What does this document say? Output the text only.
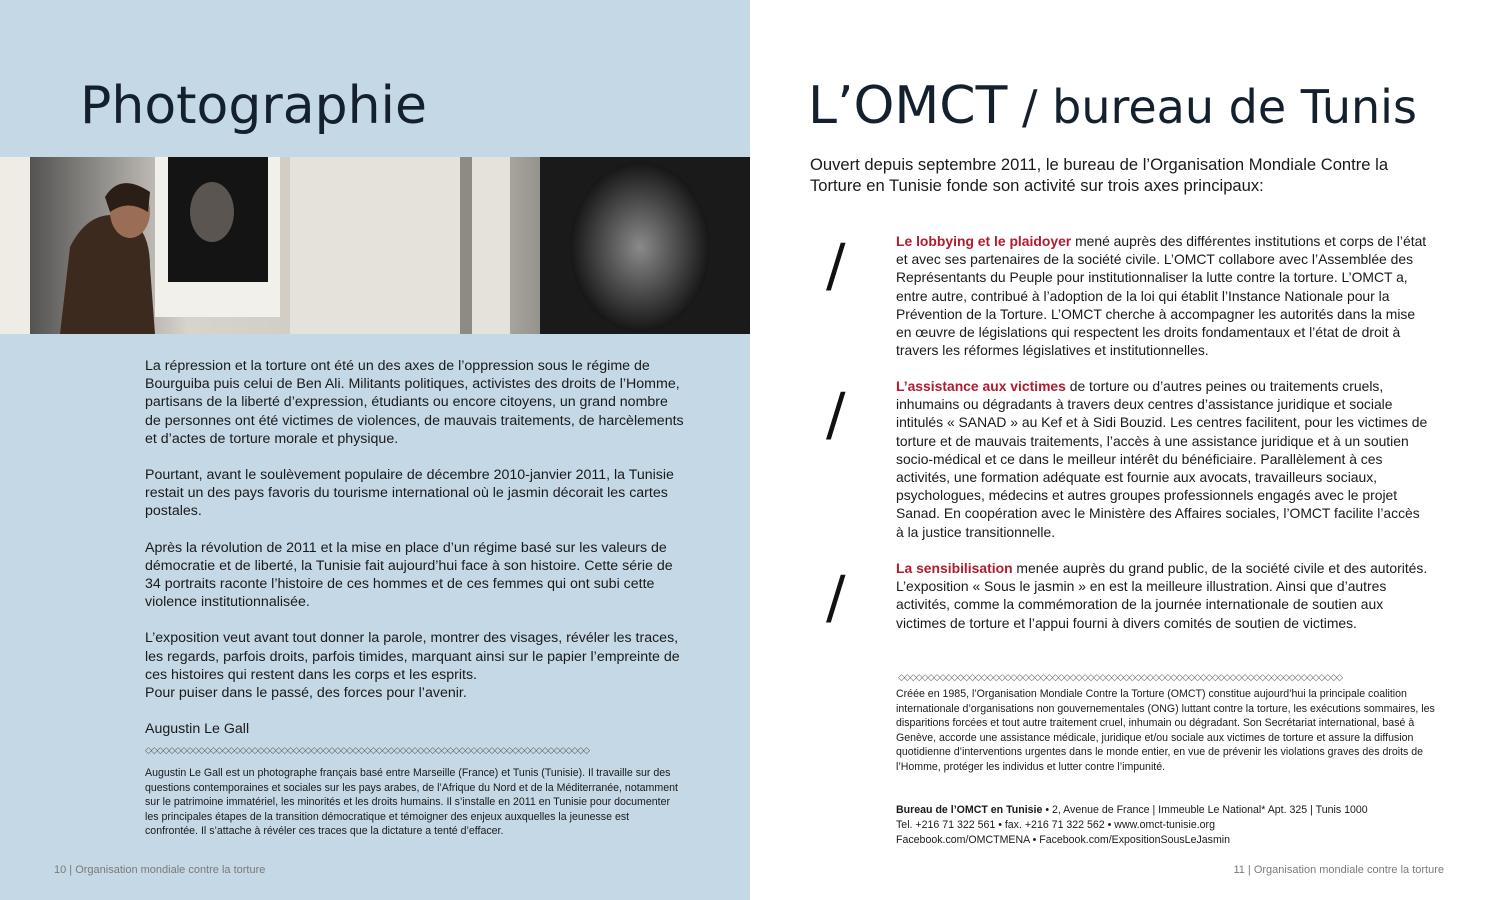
Photographie

La répression et la torture ont été un des axes de l’oppression sous le régime de Bourguiba puis celui de Ben Ali. Militants politiques, activistes des droits de l’Homme, partisans de la liberté d’expression, étudiants ou encore citoyens, un grand nombre de personnes ont été victimes de violences, de mauvais traitements, de harcèlements et d’actes de torture morale et physique.

Pourtant, avant le soulèvement populaire de décembre 2010-janvier 2011, la Tunisie restait un des pays favoris du tourisme international où le jasmin décorait les cartes postales.

Après la révolution de 2011 et la mise en place d’un régime basé sur les valeurs de démocratie et de liberté, la Tunisie fait aujourd’hui face à son histoire. Cette série de 34 portraits raconte l’histoire de ces hommes et de ces femmes qui ont subi cette violence institutionnalisée.

L’exposition veut avant tout donner la parole, montrer des visages, révéler les traces, les regards, parfois droits, parfois timides, marquant ainsi sur le papier l’empreinte de ces histoires qui restent dans les corps et les esprits.

Pour puiser dans le passé, des forces pour l’avenir.

Augustin Le Gall

◇◇◇◇◇◇◇◇◇◇◇◇◇◇◇◇◇◇◇◇◇◇◇◇◇◇◇◇◇◇◇◇◇◇◇◇◇◇◇◇◇◇◇◇◇◇◇◇◇◇◇◇◇◇◇◇◇◇◇◇◇◇◇◇◇◇◇◇◇◇◇◇◇◇◇
Augustin Le Gall est un photographe français basé entre Marseille (France) et Tunis (Tunisie). Il travaille sur des questions contemporaines et sociales sur les pays arabes, de l’Afrique du Nord et de la Méditerranée, notamment sur le patrimoine immatériel, les minorités et les droits humains. Il s’installe en 2011 en Tunisie pour documenter les principales étapes de la transition démocratique et témoigner des enjeux auxquelles la jeunesse est confrontée. Il s’attache à révéler ces traces que la dictature a tenté d’effacer.
10 | Organisation mondiale contre la torture
L’OMCT / bureau de Tunis

Ouvert depuis septembre 2011, le bureau de l’Organisation Mondiale Contre la Torture en Tunisie fonde son activité sur trois axes principaux:

/	Le lobbying et le plaidoyer mené auprès des différentes institutions et corps de l’état et avec ses partenaires de la société civile. L’OMCT collabore avec l’Assemblée des Représentants du Peuple pour institutionnaliser la lutte contre la torture. L’OMCT a, entre autre, contribué à l’adoption de la loi qui établit l’Instance Nationale pour la Prévention de la Torture. L’OMCT cherche à accompagner les autorités dans la mise en œuvre de législations qui respectent les droits fondamentaux et l’état de droit à travers les réformes législatives et institutionnelles.

/	L’assistance aux victimes de torture ou d’autres peines ou traitements cruels, inhumains ou dégradants à travers deux centres d’assistance juridique et sociale intitulés « SANAD » au Kef et à Sidi Bouzid. Les centres facilitent, pour les victimes de torture et de mauvais traitements, l’accès à une assistance juridique et à un soutien socio-médical et ce dans le meilleur intérêt du bénéficiaire. Parallèlement à ces activités, une formation adéquate est fournie aux avocats, travailleurs sociaux, psychologues, médecins et autres groupes professionnels engagés avec le projet Sanad. En coopération avec le Ministère des Affaires sociales, l’OMCT facilite l’accès à la justice transitionnelle.

/	La sensibilisation menée auprès du grand public, de la société civile et des autorités. L’exposition « Sous le jasmin » en est la meilleure illustration. Ainsi que d’autres activités, comme la commémoration de la journée internationale de soutien aux victimes de torture et l’appui fourni à divers comités de soutien de victimes.

◇◇◇◇◇◇◇◇◇◇◇◇◇◇◇◇◇◇◇◇◇◇◇◇◇◇◇◇◇◇◇◇◇◇◇◇◇◇◇◇◇◇◇◇◇◇◇◇◇◇◇◇◇◇◇◇◇◇◇◇◇◇◇◇◇◇◇◇◇◇◇◇◇◇◇

Créée en 1985, l’Organisation Mondiale Contre la Torture (OMCT) constitue aujourd’hui la principale coalition internationale d’organisations non gouvernementales (ONG) luttant contre la torture, les exécutions sommaires, les disparitions forcées et tout autre traitement cruel, inhumain ou dégradant. Son Secrétariat international, basé à Genève, accorde une assistance médicale, juridique et/ou sociale aux victimes de torture et assure la diffusion quotidienne d’interventions urgentes dans le monde entier, en vue de prévenir les violations graves des droits de l’Homme, protéger les individus et lutter contre l’impunité.

Bureau de l’OMCT en Tunisie • 2, Avenue de France | Immeuble Le National* Apt. 325 | Tunis 1000
Tel. +216 71 322 561 • fax. +216 71 322 562 • www.omct-tunisie.org
Facebook.com/OMCTMENA • Facebook.com/ExpositionSousLeJasmin
11 | Organisation mondiale contre la torture
